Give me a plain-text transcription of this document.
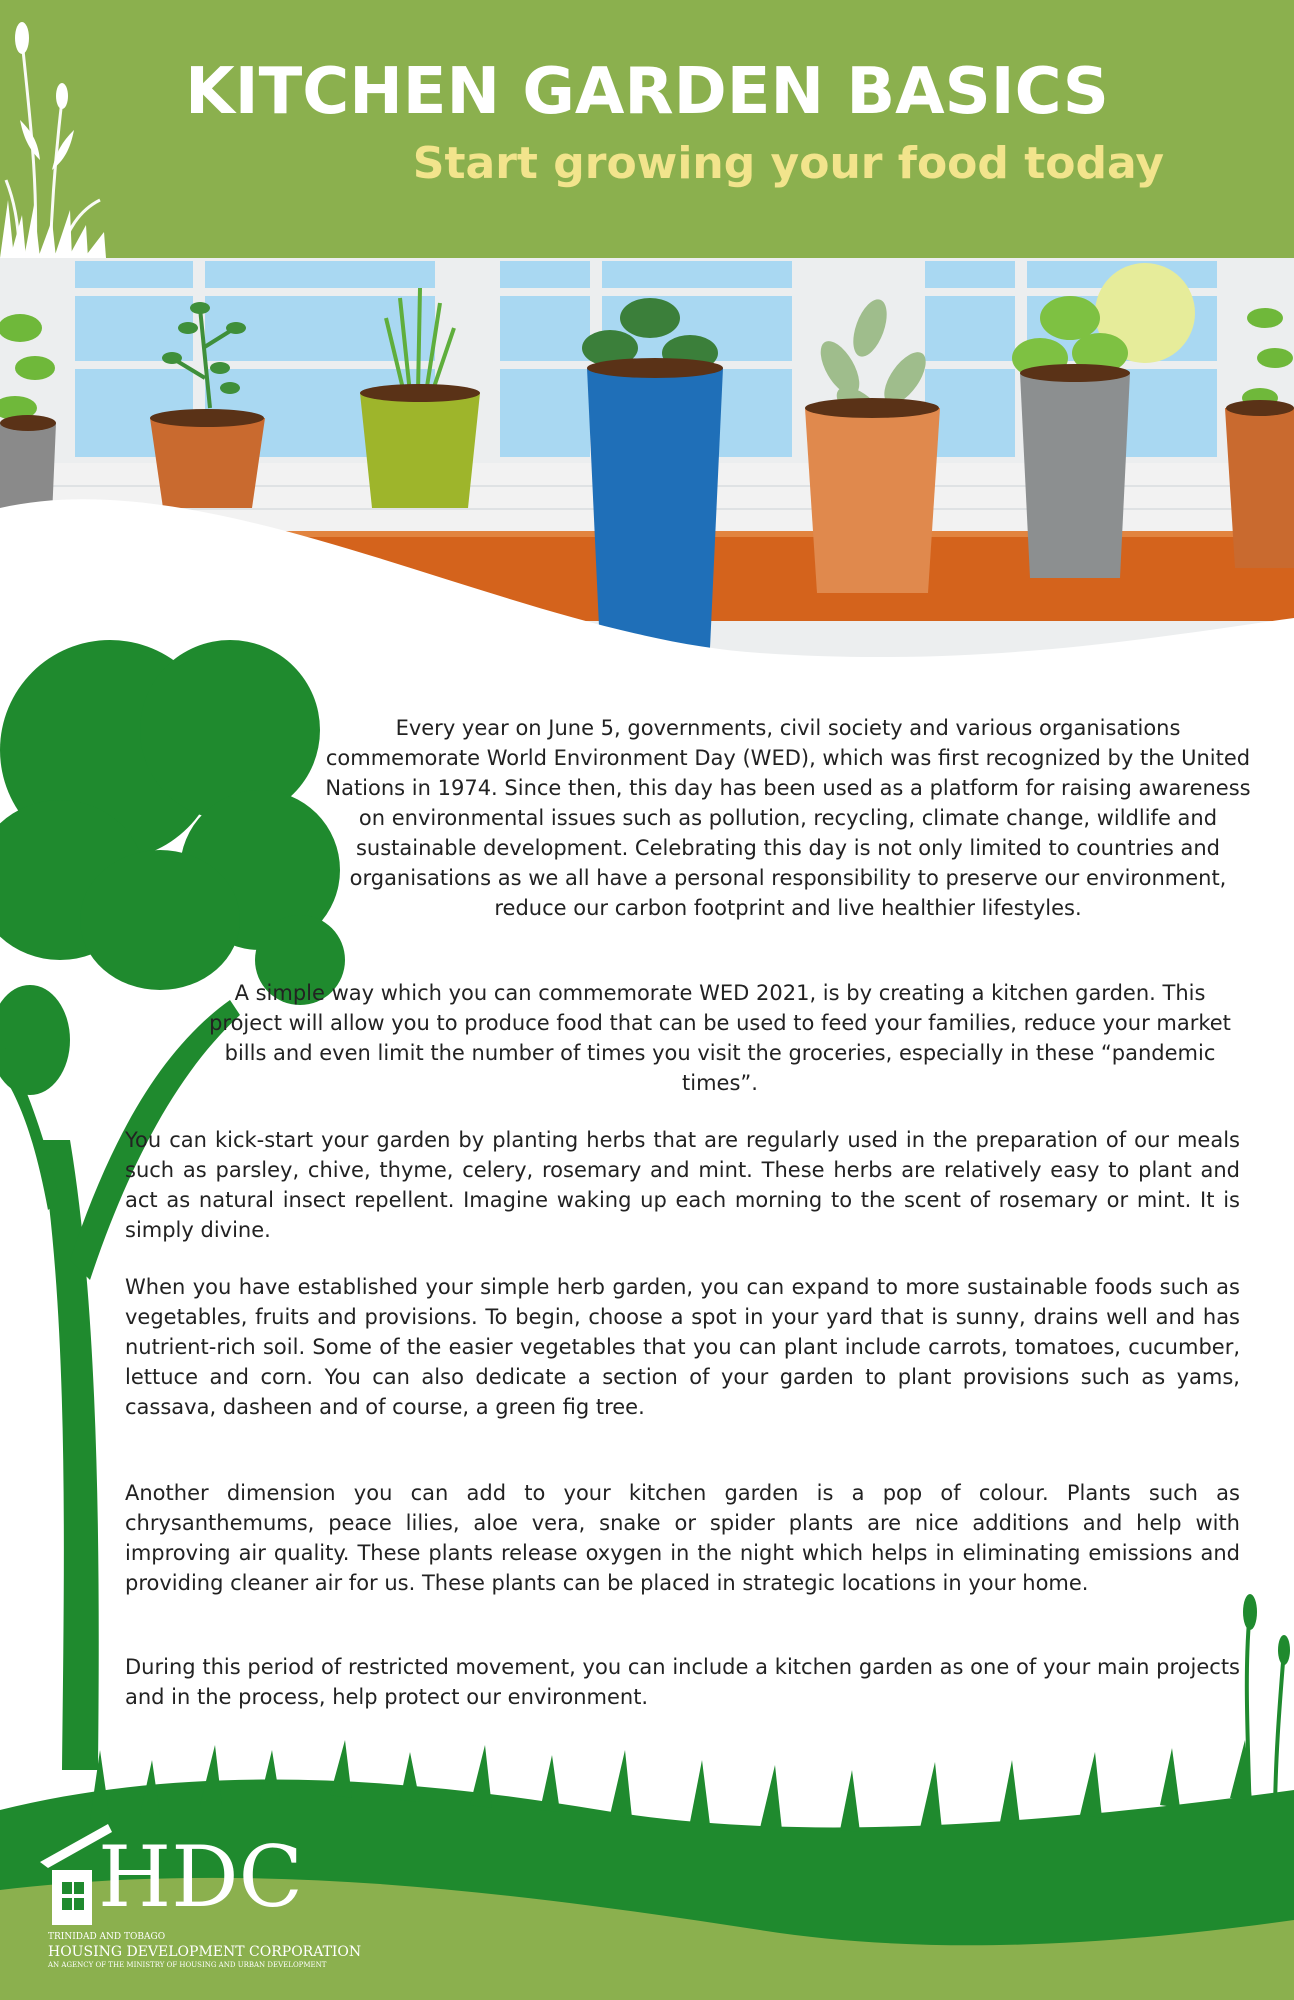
KITCHEN GARDEN BASICS
Start growing your food today

Every year on June 5, governments, civil society and various organisations commemorate World Environment Day (WED), which was first recognized by the United Nations in 1974. Since then, this day has been used as a platform for raising awareness on environmental issues such as pollution, recycling, climate change, wildlife and sustainable development. Celebrating this day is not only limited to countries and organisations as we all have a personal responsibility to preserve our environment, reduce our carbon footprint and live healthier lifestyles.

A simple way which you can commemorate WED 2021, is by creating a kitchen garden. This project will allow you to produce food that can be used to feed your families, reduce your market bills and even limit the number of times you visit the groceries, especially in these “pandemic times”.

You can kick-start your garden by planting herbs that are regularly used in the preparation of our meals such as parsley, chive, thyme, celery, rosemary and mint. These herbs are relatively easy to plant and act as natural insect repellent. Imagine waking up each morning to the scent of rosemary or mint. It is simply divine.

When you have established your simple herb garden, you can expand to more sustainable foods such as vegetables, fruits and provisions. To begin, choose a spot in your yard that is sunny, drains well and has nutrient-rich soil. Some of the easier vegetables that you can plant include carrots, tomatoes, cucumber, lettuce and corn. You can also dedicate a section of your garden to plant provisions such as yams, cassava, dasheen and of course, a green fig tree.

Another dimension you can add to your kitchen garden is a pop of colour. Plants such as chrysanthemums, peace lilies, aloe vera, snake or spider plants are nice additions and help with improving air quality. These plants release oxygen in the night which helps in eliminating emissions and providing cleaner air for us. These plants can be placed in strategic locations in your home.

During this period of restricted movement, you can include a kitchen garden as one of your main projects and in the process, help protect our environment.

HDC

TRINIDAD AND TOBAGO

HOUSING DEVELOPMENT CORPORATION

AN AGENCY OF THE MINISTRY OF HOUSING AND URBAN DEVELOPMENT
